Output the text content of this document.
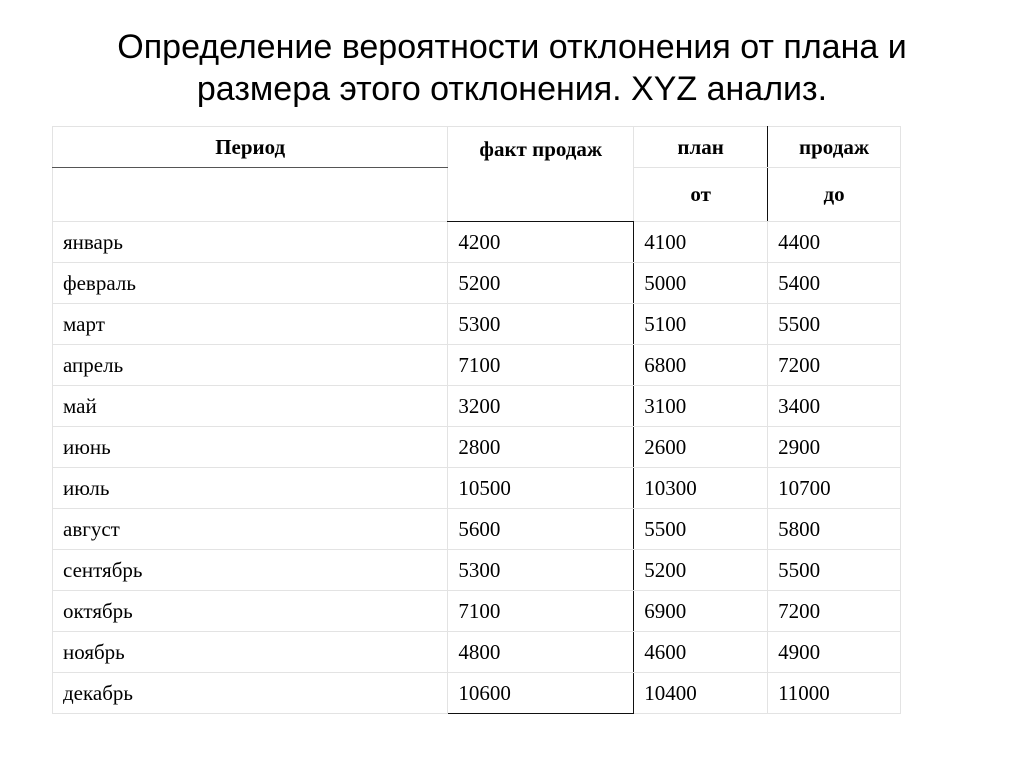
Определение вероятности отклонения от плана и
размера этого отклонения. XYZ анализ.
Период	факт продаж	план	продаж
		от	до
январь	4200	4100	4400
февраль	5200	5000	5400
март	5300	5100	5500
апрель	7100	6800	7200
май	3200	3100	3400
июнь	2800	2600	2900
июль	10500	10300	10700
август	5600	5500	5800
сентябрь	5300	5200	5500
октябрь	7100	6900	7200
ноябрь	4800	4600	4900
декабрь	10600	10400	11000
